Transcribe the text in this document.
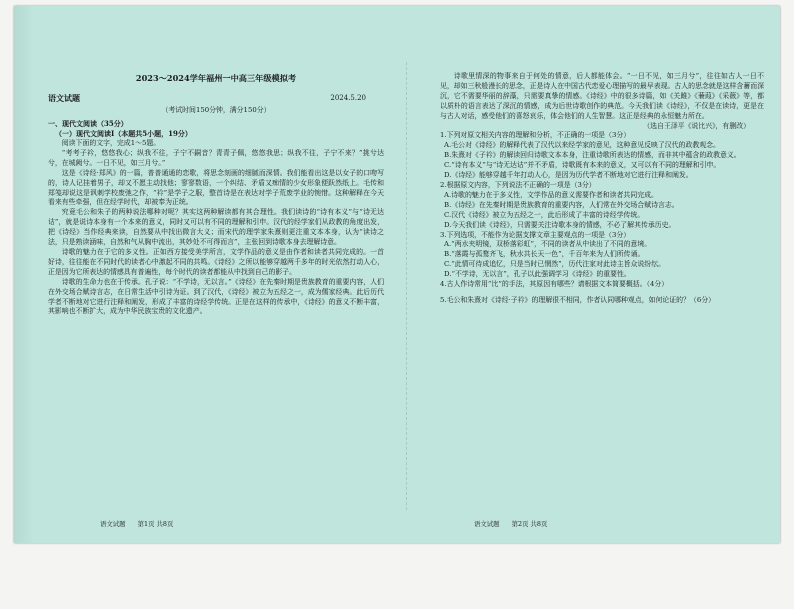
2023～2024学年福州一中高三年级模拟考
语文试题	2024.5.20
（考试时间150分钟，满分150分）
一、现代文阅读（35分）
（一）现代文阅读Ⅰ（本题共5小题，19分）

阅读下面的文字，完成1～5题。

“考考子衿，悠悠我心；纵我不往，子宁不嗣音？青青子佩，悠悠我思；纵我不往，子宁不来？”挑兮达兮，在城阙兮。一日不见，如三月兮。”

这是《诗经·郑风》的一篇，普普通通的恋歌，将思念刻画的细腻而深情。我们能看出这是以女子的口吻写的，诗人记挂着男子，却又不愿主动找他；寥寥数语，一个纠结、矛盾又痴情的少女形象便跃然纸上。毛传和郑笺却说这是讽刺学校废弛之作，“衿”是学子之服，整首诗是在表达对学子荒废学业的惋惜。这种解释在今天看来有些牵强，但在经学时代，却被奉为正统。

究竟毛公和朱子的两种说法哪种对呢？其实这两种解读都有其合理性。我们读诗的“诗有本义”与“诗无达诂”，就是说诗本身有一个本来的意义，同时又可以有不同的理解和引申。汉代的经学家们从政教的角度出发，把《诗经》当作经典来读，自然要从中找出微言大义；而宋代的理学家朱熹则更注重文本本身，认为“读诗之法，只是熟读涵味，自然和气从胸中流出，其妙处不可得而言”，主张回到诗歌本身去理解诗意。

诗歌的魅力在于它的多义性。正如西方接受美学所言，文学作品的意义是由作者和读者共同完成的。一首好诗，往往能在不同时代的读者心中激起不同的共鸣。《诗经》之所以能够穿越两千多年的时光依然打动人心，正是因为它所表达的情感具有普遍性，每个时代的读者都能从中找到自己的影子。

诗歌的生命力也在于传承。孔子说：“不学诗，无以言。”《诗经》在先秦时期是贵族教育的重要内容，人们在外交场合赋诗言志，在日常生活中引诗为证。到了汉代，《诗经》被立为五经之一，成为儒家经典。此后历代学者不断地对它进行注释和阐发，形成了丰富的诗经学传统。正是在这样的传承中，《诗经》的意义不断丰富，其影响也不断扩大，成为中华民族宝贵的文化遗产。

语文试题 第1页 共8页

诗歌里情深的物事来自于何处的情意，后人都能体会。“一日不见，如三月兮”，往往如古人一日不见，却如三秋般漫长的思念，正是诗人在中国古代恋爱心理描写的最早表现。古人的思念就是这样含蓄而深沉，它不需要华丽的辞藻，只需要真挚的情感。《诗经》中的很多诗篇，如《关雎》《蒹葭》《采薇》等，都以质朴的语言表达了深沉的情感，成为后世诗歌创作的典范。今天我们读《诗经》，不仅是在读诗，更是在与古人对话，感受他们的喜怒哀乐，体会他们的人生智慧。这正是经典的永恒魅力所在。

（选自王泽平《说比兴》，有删改）

1.下列对原文相关内容的理解和分析，不正确的一项是（3分）

A.毛公对《诗经》的解释代表了汉代以来经学家的意见，这种意见反映了汉代的政教观念。

B.朱熹对《子衿》的解读回归诗歌文本本身，注重诗歌所表达的情感，而非其中蕴含的政教意义。

C.“诗有本义”与“诗无达诂”并不矛盾，诗歌既有本来的意义，又可以有不同的理解和引申。

D.《诗经》能够穿越千年打动人心，是因为历代学者不断地对它进行注释和阐发。

2.根据原文内容，下列说法不正确的一项是（3分）

A.诗歌的魅力在于多义性，文学作品的意义需要作者和读者共同完成。

B.《诗经》在先秦时期是贵族教育的重要内容，人们常在外交场合赋诗言志。

C.汉代《诗经》被立为五经之一，此后形成了丰富的诗经学传统。

D.今天我们读《诗经》，只需要关注诗歌本身的情感，不必了解其传承历史。

3.下列选项，不能作为论据支撑文章主要观点的一项是（3分）

A.“两水夹明镜，双桥落彩虹”，不同的读者从中读出了不同的意境。

B.“落霞与孤鹜齐飞，秋水共长天一色”，千百年来为人们所传诵。

C.“此情可待成追忆，只是当时已惘然”，历代注家对此诗主旨众说纷纭。

D.“不学诗，无以言”，孔子以此强调学习《诗经》的重要性。

4.古人作诗常用“比”的手法，其原因有哪些？请根据文本简要概括。（4分）

5.毛公和朱熹对《诗经·子衿》的理解很不相同，作者认同哪种观点，如何论证的？（6分）

语文试题 第2页 共8页
